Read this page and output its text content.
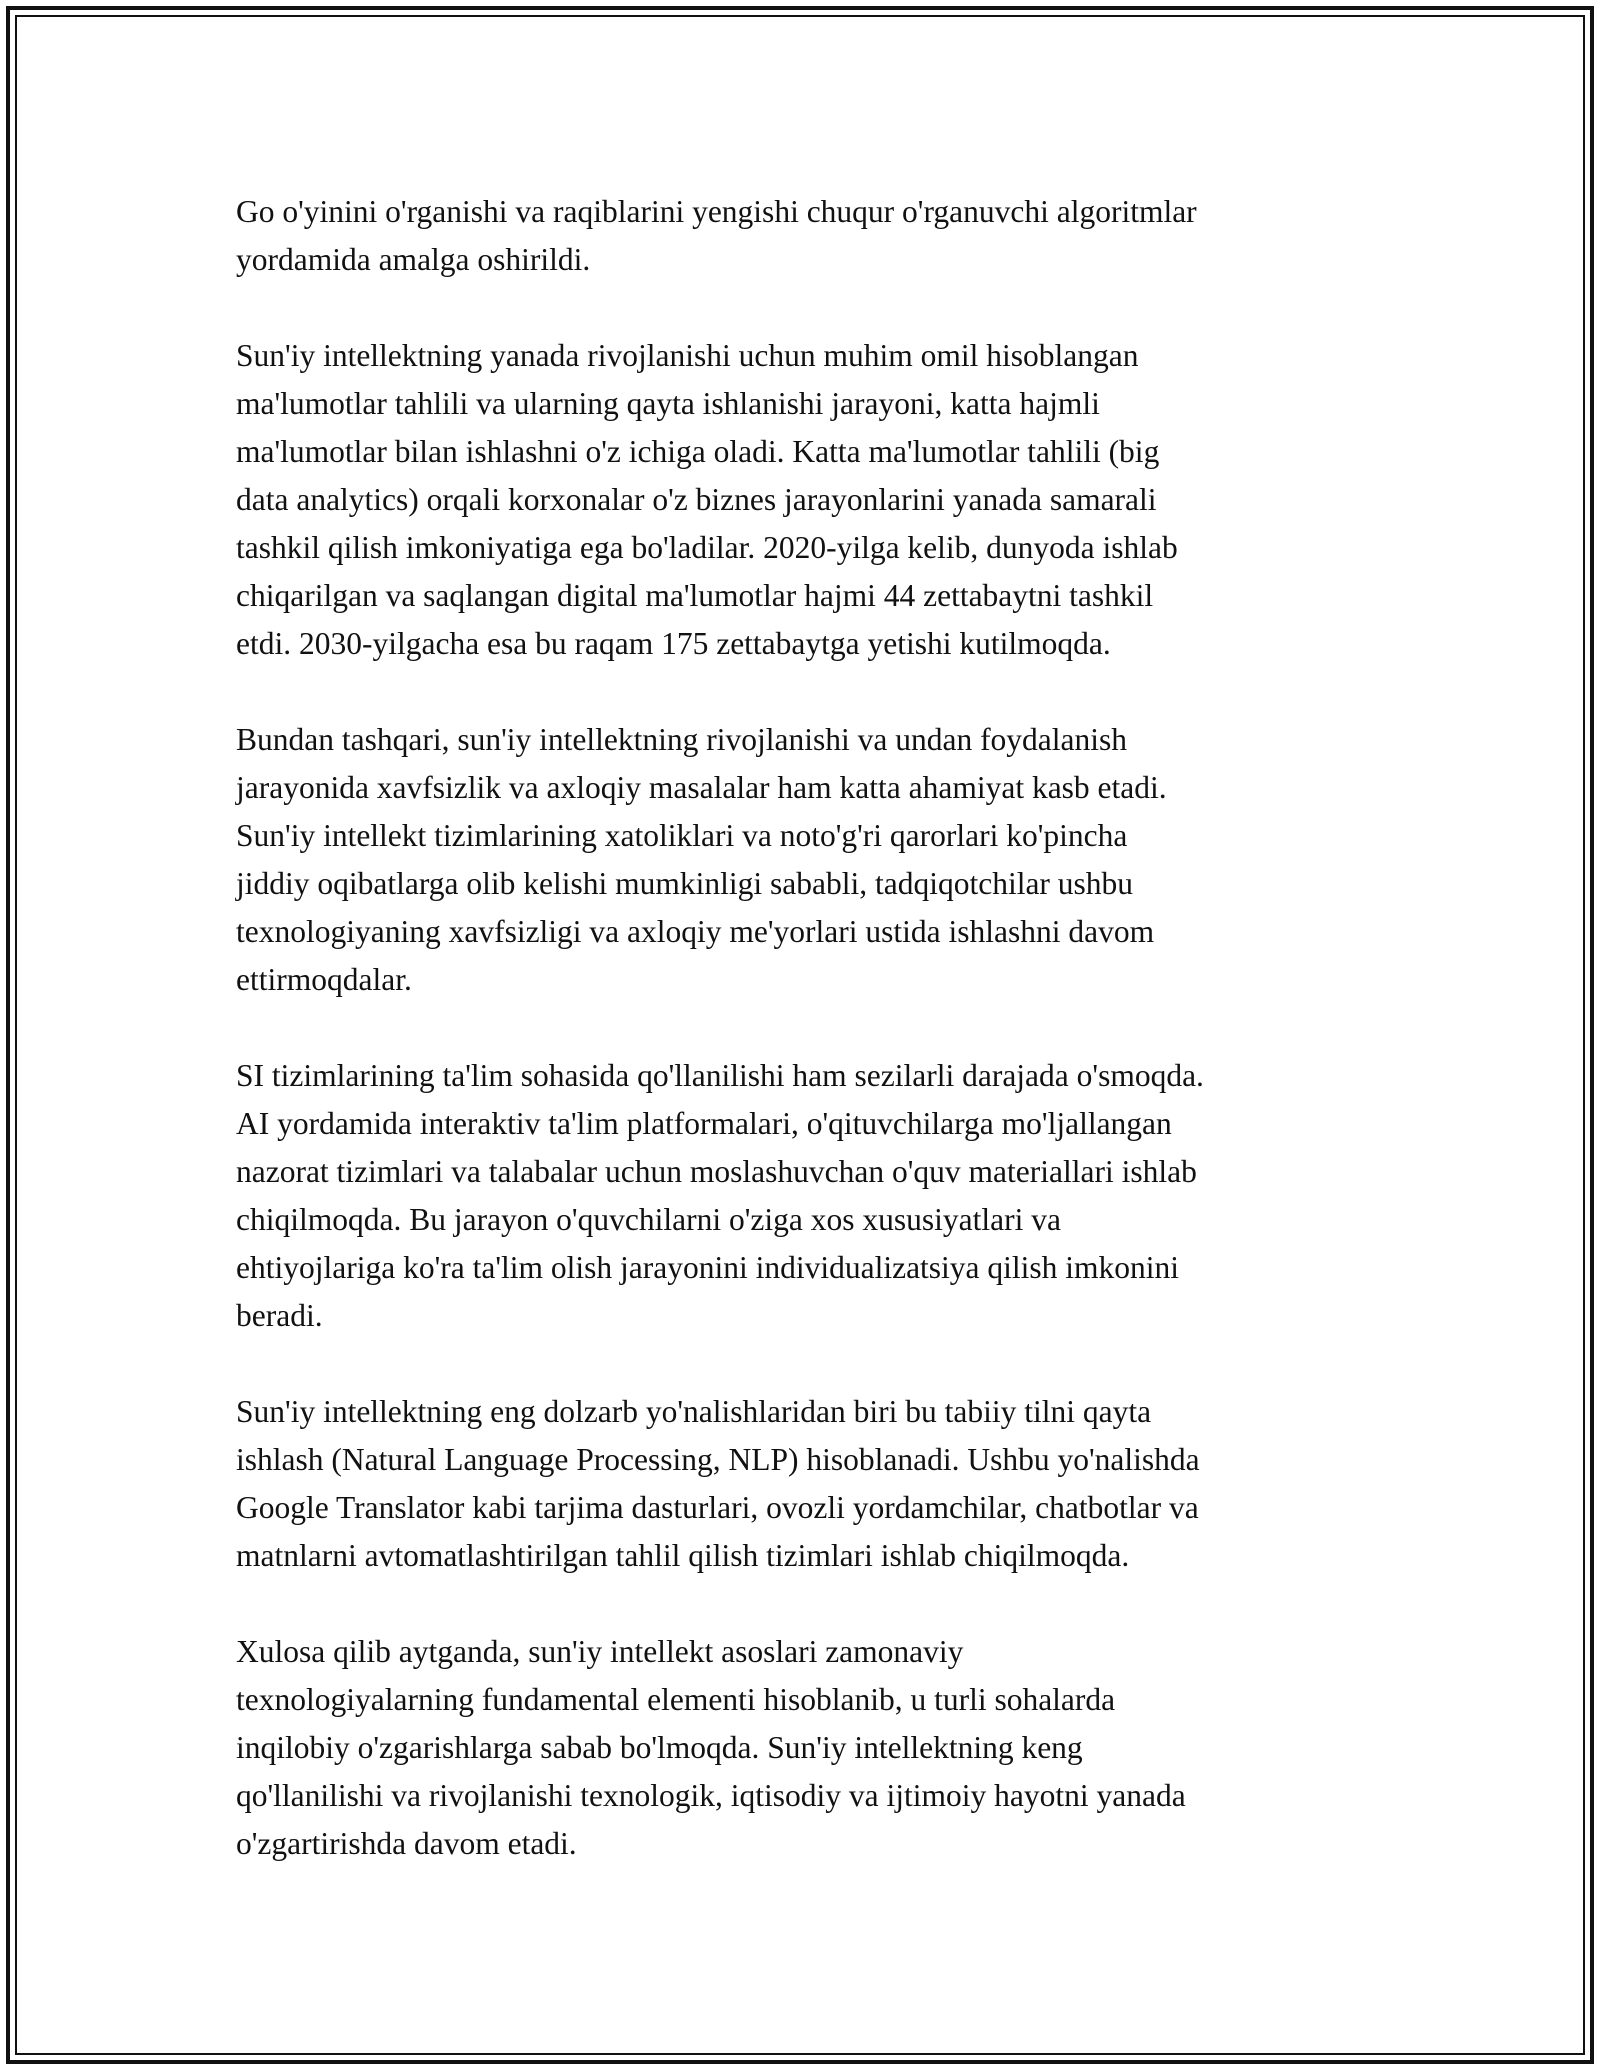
Go o'yinini o'rganishi va raqiblarini yengishi chuqur o'rganuvchi algoritmlar
yordamida amalga oshirildi.

Sun'iy intellektning yanada rivojlanishi uchun muhim omil hisoblangan
ma'lumotlar tahlili va ularning qayta ishlanishi jarayoni, katta hajmli
ma'lumotlar bilan ishlashni o'z ichiga oladi. Katta ma'lumotlar tahlili (big
data analytics) orqali korxonalar o'z biznes jarayonlarini yanada samarali
tashkil qilish imkoniyatiga ega bo'ladilar. 2020-yilga kelib, dunyoda ishlab
chiqarilgan va saqlangan digital ma'lumotlar hajmi 44 zettabaytni tashkil
etdi. 2030-yilgacha esa bu raqam 175 zettabaytga yetishi kutilmoqda.

Bundan tashqari, sun'iy intellektning rivojlanishi va undan foydalanish
jarayonida xavfsizlik va axloqiy masalalar ham katta ahamiyat kasb etadi.
Sun'iy intellekt tizimlarining xatoliklari va noto'g'ri qarorlari ko'pincha
jiddiy oqibatlarga olib kelishi mumkinligi sababli, tadqiqotchilar ushbu
texnologiyaning xavfsizligi va axloqiy me'yorlari ustida ishlashni davom
ettirmoqdalar.

SI tizimlarining ta'lim sohasida qo'llanilishi ham sezilarli darajada o'smoqda.
AI yordamida interaktiv ta'lim platformalari, o'qituvchilarga mo'ljallangan
nazorat tizimlari va talabalar uchun moslashuvchan o'quv materiallari ishlab
chiqilmoqda. Bu jarayon o'quvchilarni o'ziga xos xususiyatlari va
ehtiyojlariga ko'ra ta'lim olish jarayonini individualizatsiya qilish imkonini
beradi.

Sun'iy intellektning eng dolzarb yo'nalishlaridan biri bu tabiiy tilni qayta
ishlash (Natural Language Processing, NLP) hisoblanadi. Ushbu yo'nalishda
Google Translator kabi tarjima dasturlari, ovozli yordamchilar, chatbotlar va
matnlarni avtomatlashtirilgan tahlil qilish tizimlari ishlab chiqilmoqda.

Xulosa qilib aytganda, sun'iy intellekt asoslari zamonaviy
texnologiyalarning fundamental elementi hisoblanib, u turli sohalarda
inqilobiy o'zgarishlarga sabab bo'lmoqda. Sun'iy intellektning keng
qo'llanilishi va rivojlanishi texnologik, iqtisodiy va ijtimoiy hayotni yanada
o'zgartirishda davom etadi.
